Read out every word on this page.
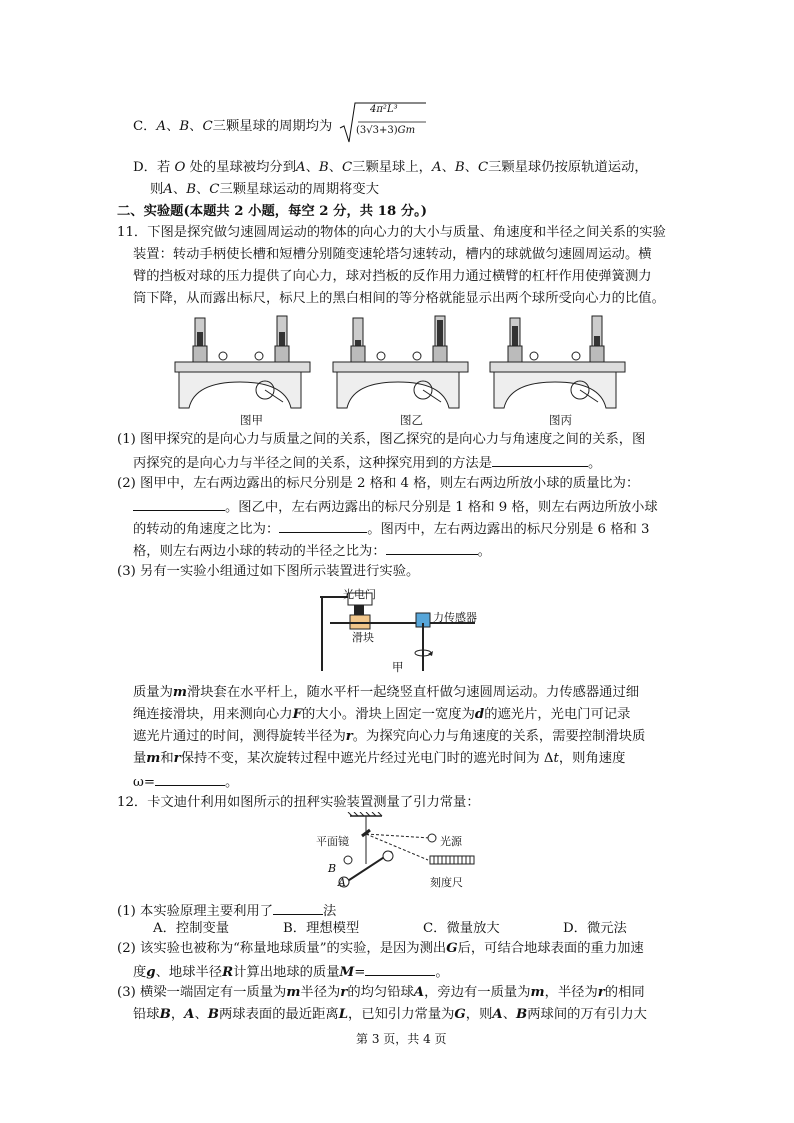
C．A、B、C三颗星球的周期均为
4π²L³
(3√3+3)Gm
D．若 O 处的星球被均分到A、B、C三颗星球上，A、B、C三颗星球仍按原轨道运动，
则A、B、C三颗星球运动的周期将变大
二、实验题(本题共 2 小题，每空 2 分，共 18 分。)
11．下图是探究做匀速圆周运动的物体的向心力的大小与质量、角速度和半径之间关系的实验
装置：转动手柄使长槽和短槽分别随变速轮塔匀速转动，槽内的球就做匀速圆周运动。横
臂的挡板对球的压力提供了向心力，球对挡板的反作用力通过横臂的杠杆作用使弹簧测力
筒下降，从而露出标尺，标尺上的黑白相间的等分格就能显示出两个球所受向心力的比值。
图甲	图乙	图丙
(1) 图甲探究的是向心力与质量之间的关系，图乙探究的是向心力与角速度之间的关系，图
丙探究的是向心力与半径之间的关系，这种探究用到的方法是	。
(2) 图甲中，左右两边露出的标尺分别是 2 格和 4 格，则左右两边所放小球的质量比为：
。图乙中，左右两边露出的标尺分别是 1 格和 9 格，则左右两边所放小球
的转动的角速度之比为：	。图丙中，左右两边露出的标尺分别是 6 格和 3
格，则左右两边小球的转动的半径之比为：	。
(3) 另有一实验小组通过如下图所示装置进行实验。
光电门
力传感器
滑块
甲
质量为m滑块套在水平杆上，随水平杆一起绕竖直杆做匀速圆周运动。力传感器通过细
绳连接滑块，用来测向心力F的大小。滑块上固定一宽度为d的遮光片，光电门可记录
遮光片通过的时间，测得旋转半径为r。为探究向心力与角速度的关系，需要控制滑块质
量m和r保持不变，某次旋转过程中遮光片经过光电门时的遮光时间为 Δt，则角速度
ω=	。
12．卡文迪什利用如图所示的扭秤实验装置测量了引力常量：
平面镜	光源
B
A	刻度尺
(1) 本实验原理主要利用了	法
A．控制变量	B．理想模型	C．微量放大	D．微元法
(2) 该实验也被称为“称量地球质量”的实验，是因为测出G后，可结合地球表面的重力加速
度g、地球半径R计算出地球的质量M=	。
(3) 横梁一端固定有一质量为m半径为r的均匀铅球A，旁边有一质量为m，半径为r的相同
铅球B，A、B两球表面的最近距离L，已知引力常量为G，则A、B两球间的万有引力大
第 3 页，共 4 页
